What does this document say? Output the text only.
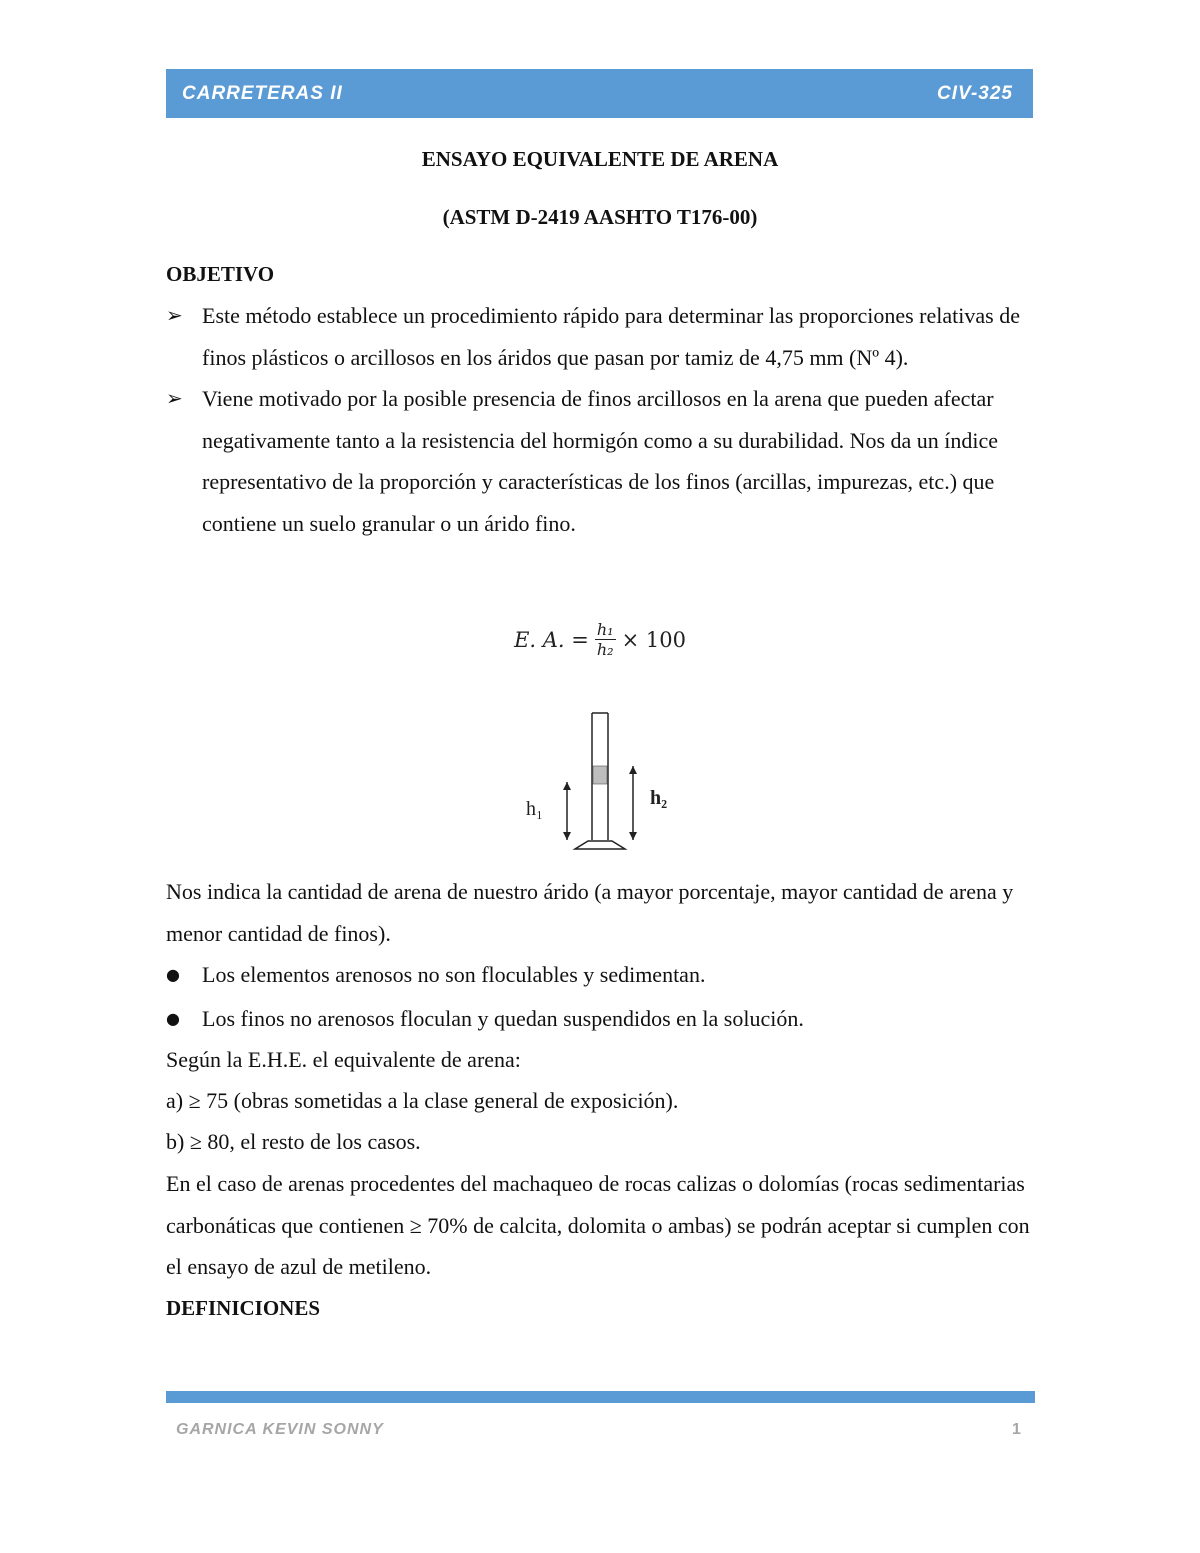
CARRETERAS II	CIV-325
ENSAYO EQUIVALENTE DE ARENA
(ASTM D-2419 AASHTO T176-00)
OBJETIVO
➢ Este método establece un procedimiento rápido para determinar las proporciones relativas de finos plásticos o arcillosos en los áridos que pasan por tamiz de 4,75 mm (Nº 4).
➢ Viene motivado por la posible presencia de finos arcillosos en la arena que pueden afectar negativamente tanto a la resistencia del hormigón como a su durabilidad. Nos da un índice representativo de la proporción y características de los finos (arcillas, impurezas, etc.) que contiene un suelo granular o un árido fino.
E. A. = $\frac{\text{h₁}}{\text{h₂}} \times 100$
h₁	h₂
Nos indica la cantidad de arena de nuestro árido (a mayor porcentaje, mayor cantidad de arena y menor cantidad de finos).
●	Los elementos arenosos no son floculables y sedimentan.
●	Los finos no arenosos floculan y quedan suspendidos en la solución.
Según la E.H.E. el equivalente de arena:
a) ≥ 75 (obras sometidas a la clase general de exposición).
b) ≥ 80, el resto de los casos.
En el caso de arenas procedentes del machaqueo de rocas calizas o dolomías (rocas sedimentarias carbonáticas que contienen ≥ 70% de calcita, dolomita o ambas) se podrán aceptar si cumplen con el ensayo de azul de metileno.
DEFINICIONES
GARNICA KEVIN SONNY	1
